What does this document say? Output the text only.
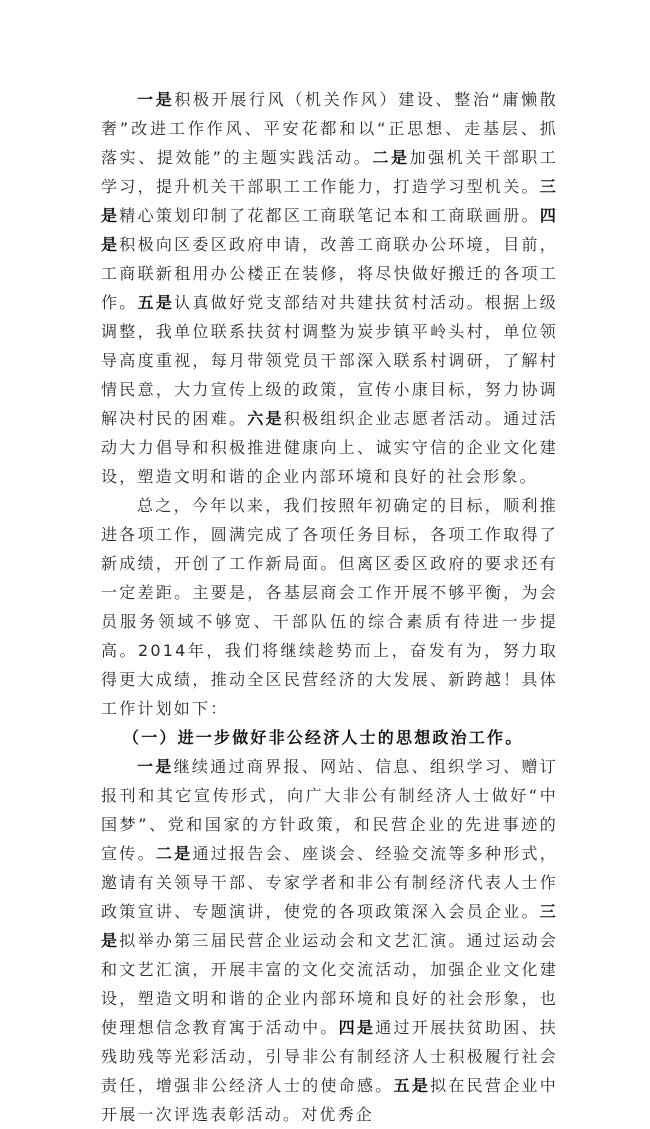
一是积极开展行风（机关作风）建设、整治“庸懒散奢”改进工作作风、平安花都和以“正思想、走基层、抓落实、提效能”的主题实践活动。二是加强机关干部职工学习，提升机关干部职工工作能力，打造学习型机关。三是精心策划印制了花都区工商联笔记本和工商联画册。四是积极向区委区政府申请，改善工商联办公环境，目前，工商联新租用办公楼正在装修，将尽快做好搬迁的各项工作。五是认真做好党支部结对共建扶贫村活动。根据上级调整，我单位联系扶贫村调整为炭步镇平岭头村，单位领导高度重视，每月带领党员干部深入联系村调研，了解村情民意，大力宣传上级的政策，宣传小康目标，努力协调解决村民的困难。六是积极组织企业志愿者活动。通过活动大力倡导和积极推进健康向上、诚实守信的企业文化建设，塑造文明和谐的企业内部环境和良好的社会形象。

总之，今年以来，我们按照年初确定的目标，顺利推进各项工作，圆满完成了各项任务目标，各项工作取得了新成绩，开创了工作新局面。但离区委区政府的要求还有一定差距。主要是，各基层商会工作开展不够平衡，为会员服务领域不够宽、干部队伍的综合素质有待进一步提高。2014年，我们将继续趁势而上，奋发有为，努力取得更大成绩，推动全区民营经济的大发展、新跨越！具体工作计划如下：

（一）进一步做好非公经济人士的思想政治工作。

一是继续通过商界报、网站、信息、组织学习、赠订报刊和其它宣传形式，向广大非公有制经济人士做好“中国梦”、党和国家的方针政策，和民营企业的先进事迹的宣传。二是通过报告会、座谈会、经验交流等多种形式，邀请有关领导干部、专家学者和非公有制经济代表人士作政策宣讲、专题演讲，使党的各项政策深入会员企业。三是拟举办第三届民营企业运动会和文艺汇演。通过运动会和文艺汇演，开展丰富的文化交流活动，加强企业文化建设，塑造文明和谐的企业内部环境和良好的社会形象，也使理想信念教育寓于活动中。四是通过开展扶贫助困、扶残助残等光彩活动，引导非公有制经济人士积极履行社会责任，增强非公经济人士的使命感。五是拟在民营企业中开展一次评选表彰活动。对优秀企
